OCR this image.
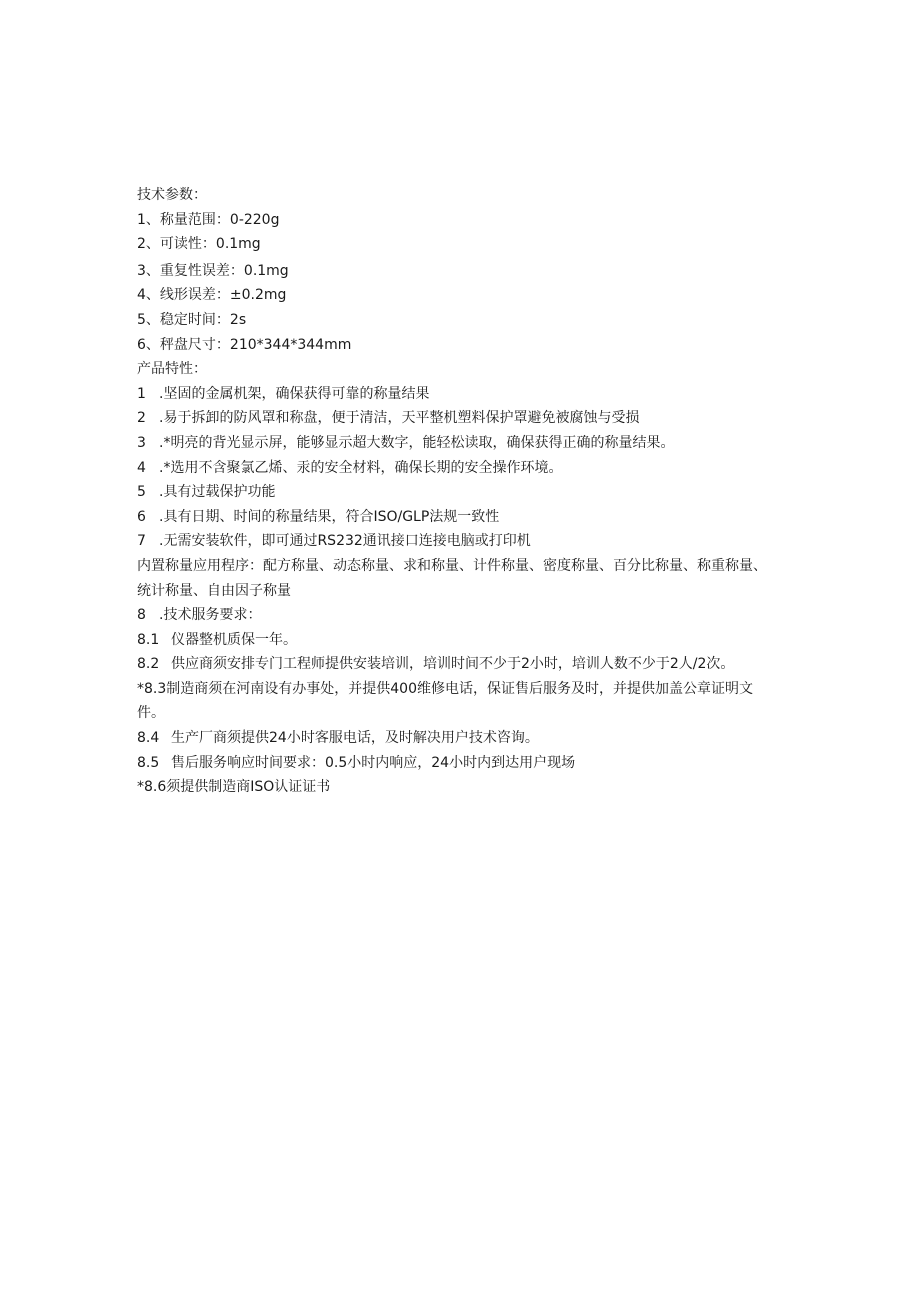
技术参数：

1、称量范围：0-220g

2、可读性：0.1mg

3、重复性误差：0.1mg

4、线形误差：±0.2mg

5、稳定时间：2s

6、秤盘尺寸：210*344*344mm

产品特性：

1 .坚固的金属机架，确保获得可靠的称量结果

2 .易于拆卸的防风罩和称盘，便于清洁，天平整机塑料保护罩避免被腐蚀与受损

3 .*明亮的背光显示屏，能够显示超大数字，能轻松读取，确保获得正确的称量结果。

4 .*选用不含聚氯乙烯、汞的安全材料，确保长期的安全操作环境。

5 .具有过载保护功能

6 .具有日期、时间的称量结果，符合ISO/GLP法规一致性

7 .无需安装软件，即可通过RS232通讯接口连接电脑或打印机

内置称量应用程序：配方称量、动态称量、求和称量、计件称量、密度称量、百分比称量、称重称量、统计称量、自由因子称量

8 .技术服务要求：

8.1 仪器整机质保一年。

8.2 供应商须安排专门工程师提供安装培训，培训时间不少于2小时，培训人数不少于2人/2次。

*8.3制造商须在河南设有办事处，并提供400维修电话，保证售后服务及时，并提供加盖公章证明文件。

8.4 生产厂商须提供24小时客服电话，及时解决用户技术咨询。

8.5 售后服务响应时间要求：0.5小时内响应，24小时内到达用户现场

*8.6须提供制造商ISO认证证书
